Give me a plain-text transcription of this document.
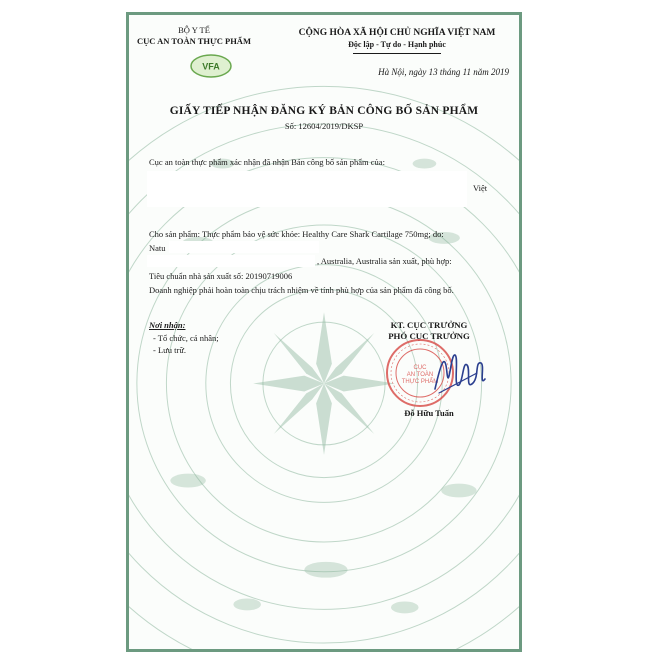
BỘ Y TẾ
CỤC AN TOÀN THỰC PHẨM
VFA
CỘNG HÒA XÃ HỘI CHỦ NGHĨA VIỆT NAM
Độc lập - Tự do - Hạnh phúc
Hà Nội, ngày 13 tháng 11 năm 2019
GIẤY TIẾP NHẬN ĐĂNG KÝ BẢN CÔNG BỐ SẢN PHẨM
Số: 12604/2019/DKSP
Cục an toàn thực phẩm xác nhận đã nhận Bản công bố sản phẩm của:
Việt
Cho sản phẩm: Thực phẩm bảo vệ sức khỏe: Healthy Care Shark Cartilage 750mg; do:
Natu
, Australia, Australia sản xuất, phù hợp:
Tiêu chuẩn nhà sản xuất số: 20190719006
Doanh nghiệp phải hoàn toàn chịu trách nhiệm về tính phù hợp của sản phẩm đã công bố.
Nơi nhận:
- Tổ chức, cá nhân;
- Lưu trữ.
KT. CỤC TRƯỞNG
PHÓ CỤC TRƯỞNG
CỤC
AN TOÀN
THỰC PHẨM
Đỗ Hữu Tuấn
